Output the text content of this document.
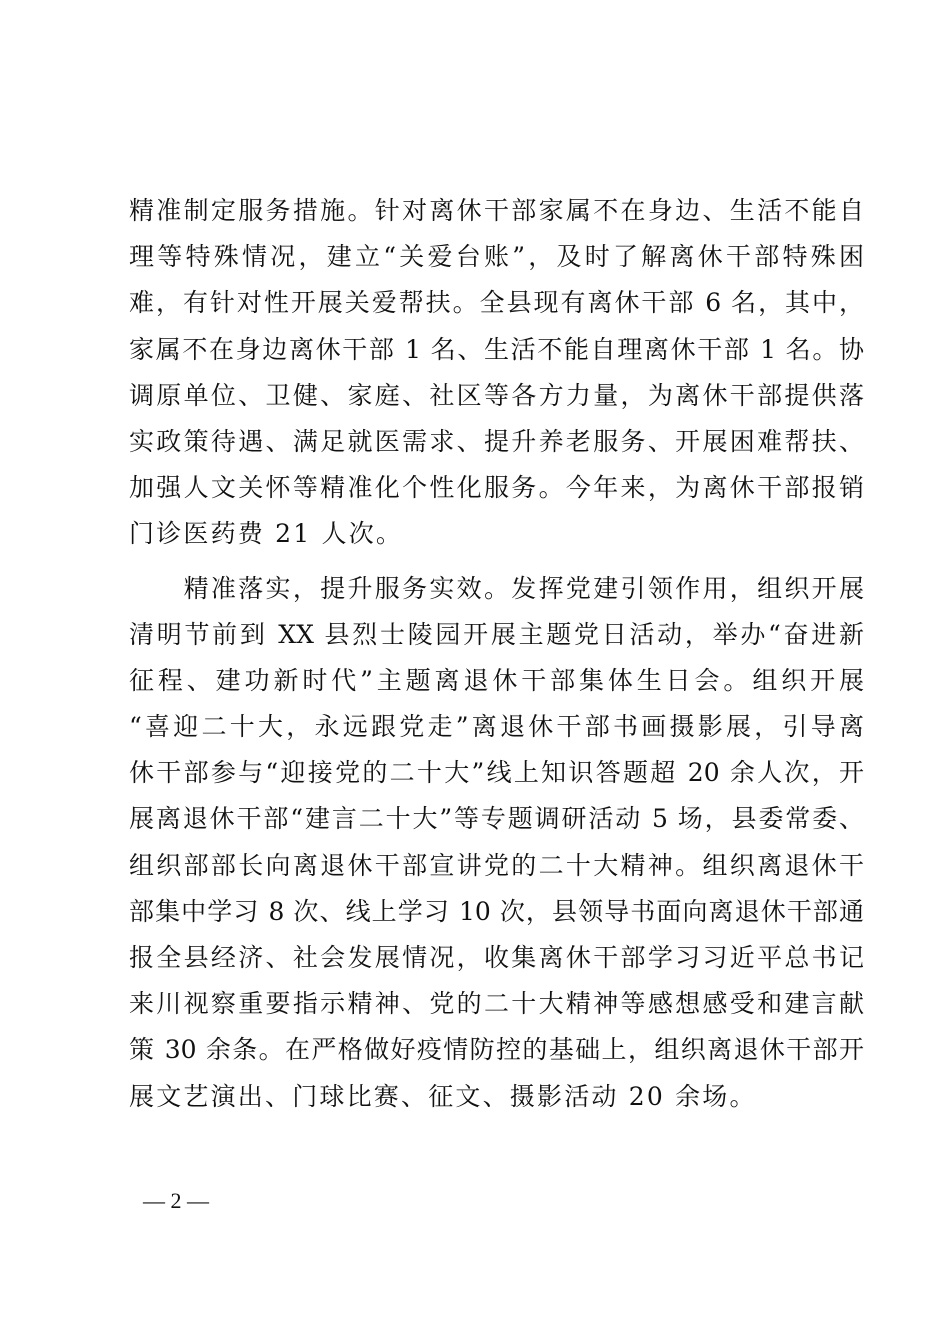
精准制定服务措施。针对离休干部家属不在身边、生活不能自
理等特殊情况，建立“关爱台账”，及时了解离休干部特殊困
难，有针对性开展关爱帮扶。全县现有离休干部 6 名，其中，
家属不在身边离休干部 1 名、生活不能自理离休干部 1 名。协
调原单位、卫健、家庭、社区等各方力量，为离休干部提供落
实政策待遇、满足就医需求、提升养老服务、开展困难帮扶、
加强人文关怀等精准化个性化服务。今年来，为离休干部报销
门诊医药费 21 人次。
　　精准落实，提升服务实效。发挥党建引领作用，组织开展
清明节前到 XX 县烈士陵园开展主题党日活动，举办“奋进新
征程、建功新时代”主题离退休干部集体生日会。组织开展
“喜迎二十大，永远跟党走”离退休干部书画摄影展，引导离
休干部参与“迎接党的二十大”线上知识答题超 20 余人次，开
展离退休干部“建言二十大”等专题调研活动 5 场，县委常委、
组织部部长向离退休干部宣讲党的二十大精神。组织离退休干
部集中学习 8 次、线上学习 10 次，县领导书面向离退休干部通
报全县经济、社会发展情况，收集离休干部学习习近平总书记
来川视察重要指示精神、党的二十大精神等感想感受和建言献
策 30 余条。在严格做好疫情防控的基础上，组织离退休干部开
展文艺演出、门球比赛、征文、摄影活动 20 余场。
— 2 —
